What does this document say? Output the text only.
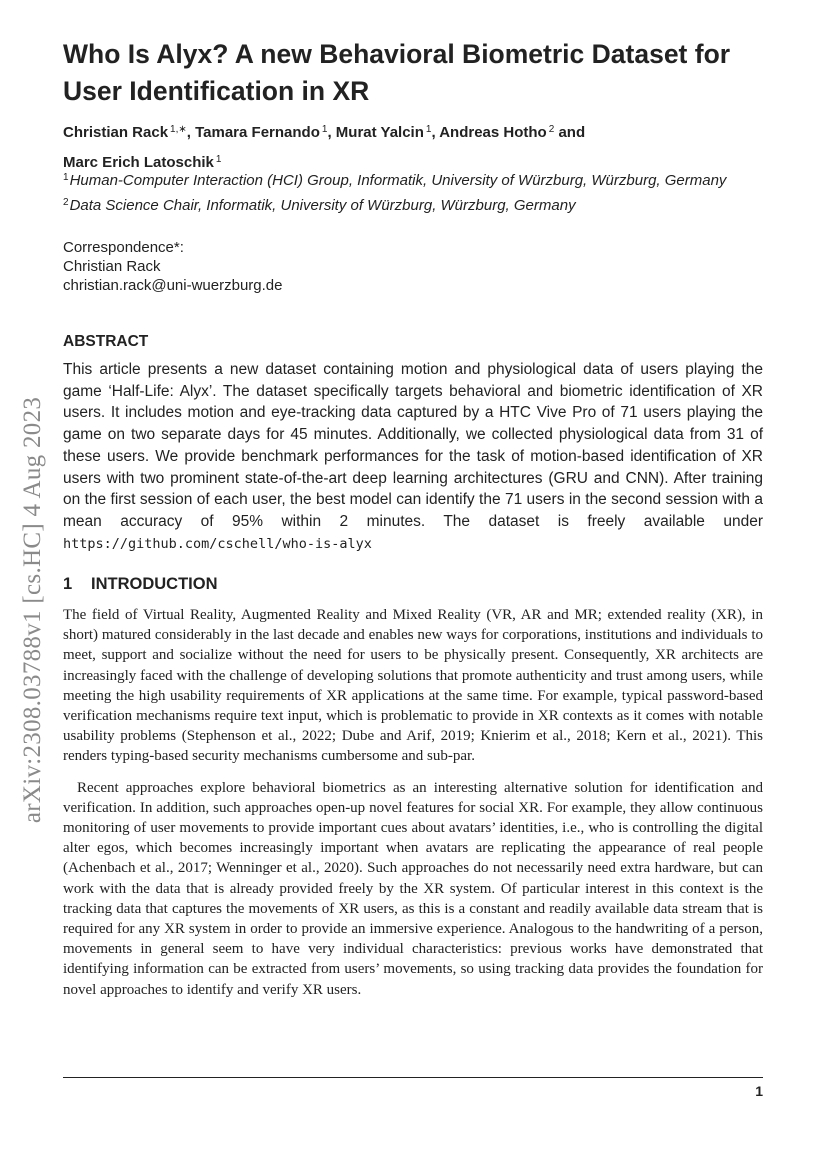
arXiv:2308.03788v1 [cs.HC] 4 Aug 2023
Who Is Alyx? A new Behavioral Biometric Dataset for User Identification in XR
Christian Rack $^{1,∗}$, Tamara Fernando $^1$, Murat Yalcin $^1$, Andreas Hotho $^2$ and
Marc Erich Latoschik $^1$

$^1$Human-Computer Interaction (HCI) Group, Informatik, University of Würzburg, Würzburg, Germany

$^2$Data Science Chair, Informatik, University of Würzburg, Würzburg, Germany

Correspondence*:
Christian Rack
christian.rack@uni-wuerzburg.de
ABSTRACT

This article presents a new dataset containing motion and physiological data of users playing the game ‘Half-Life: Alyx’. The dataset specifically targets behavioral and biometric identification of XR users. It includes motion and eye-tracking data captured by a HTC Vive Pro of 71 users playing the game on two separate days for 45 minutes. Additionally, we collected physiological data from 31 of these users. We provide benchmark performances for the task of motion-based identification of XR users with two prominent state-of-the-art deep learning architectures (GRU and CNN). After training on the first session of each user, the best model can identify the 71 users in the second session with a mean accuracy of 95% within 2 minutes. The dataset is freely available under https://github.com/cschell/who-is-alyx

1 INTRODUCTION

The field of Virtual Reality, Augmented Reality and Mixed Reality (VR, AR and MR; extended reality (XR), in short) matured considerably in the last decade and enables new ways for corporations, institutions and individuals to meet, support and socialize without the need for users to be physically present. Consequently, XR architects are increasingly faced with the challenge of developing solutions that promote authenticity and trust among users, while meeting the high usability requirements of XR applications at the same time. For example, typical password-based verification mechanisms require text input, which is problematic to provide in XR contexts as it comes with notable usability problems (Stephenson et al., 2022; Dube and Arif, 2019; Knierim et al., 2018; Kern et al., 2021). This renders typing-based security mechanisms cumbersome and sub-par.

Recent approaches explore behavioral biometrics as an interesting alternative solution for identification and verification. In addition, such approaches open-up novel features for social XR. For example, they allow continuous monitoring of user movements to provide important cues about avatars’ identities, i.e., who is controlling the digital alter egos, which becomes increasingly important when avatars are replicating the appearance of real people (Achenbach et al., 2017; Wenninger et al., 2020). Such approaches do not necessarily need extra hardware, but can work with the data that is already provided freely by the XR system. Of particular interest in this context is the tracking data that captures the movements of XR users, as this is a constant and readily available data stream that is required for any XR system in order to provide an immersive experience. Analogous to the handwriting of a person, movements in general seem to have very individual characteristics: previous works have demonstrated that identifying information can be extracted from users’ movements, so using tracking data provides the foundation for novel approaches to identify and verify XR users.

1
